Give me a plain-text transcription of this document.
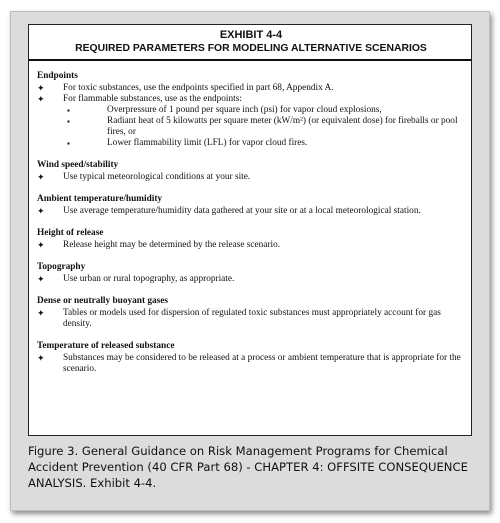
EXHIBIT 4-4
REQUIRED PARAMETERS FOR MODELING ALTERNATIVE SCENARIOS
Endpoints
✦	For toxic substances, use the endpoints specified in part 68, Appendix A.
✦	For flammable substances, use as the endpoints:
▪	Overpressure of 1 pound per square inch (psi) for vapor cloud explosions,
▪	Radiant heat of 5 kilowatts per square meter (kW/m²) (or equivalent dose) for fireballs or pool fires, or
▪	Lower flammability limit (LFL) for vapor cloud fires.
Wind speed/stability
✦	Use typical meteorological conditions at your site.
Ambient temperature/humidity
✦	Use average temperature/humidity data gathered at your site or at a local meteorological station.
Height of release
✦	Release height may be determined by the release scenario.
Topography
✦	Use urban or rural topography, as appropriate.
Dense or neutrally buoyant gases
✦	Tables or models used for dispersion of regulated toxic substances must appropriately account for gas density.
Temperature of released substance
✦	Substances may be considered to be released at a process or ambient temperature that is appropriate for the scenario.
Figure 3. General Guidance on Risk Management Programs for Chemical Accident Prevention (40 CFR Part 68) - CHAPTER 4: OFFSITE CONSEQUENCE ANALYSIS. Exhibit 4-4.
